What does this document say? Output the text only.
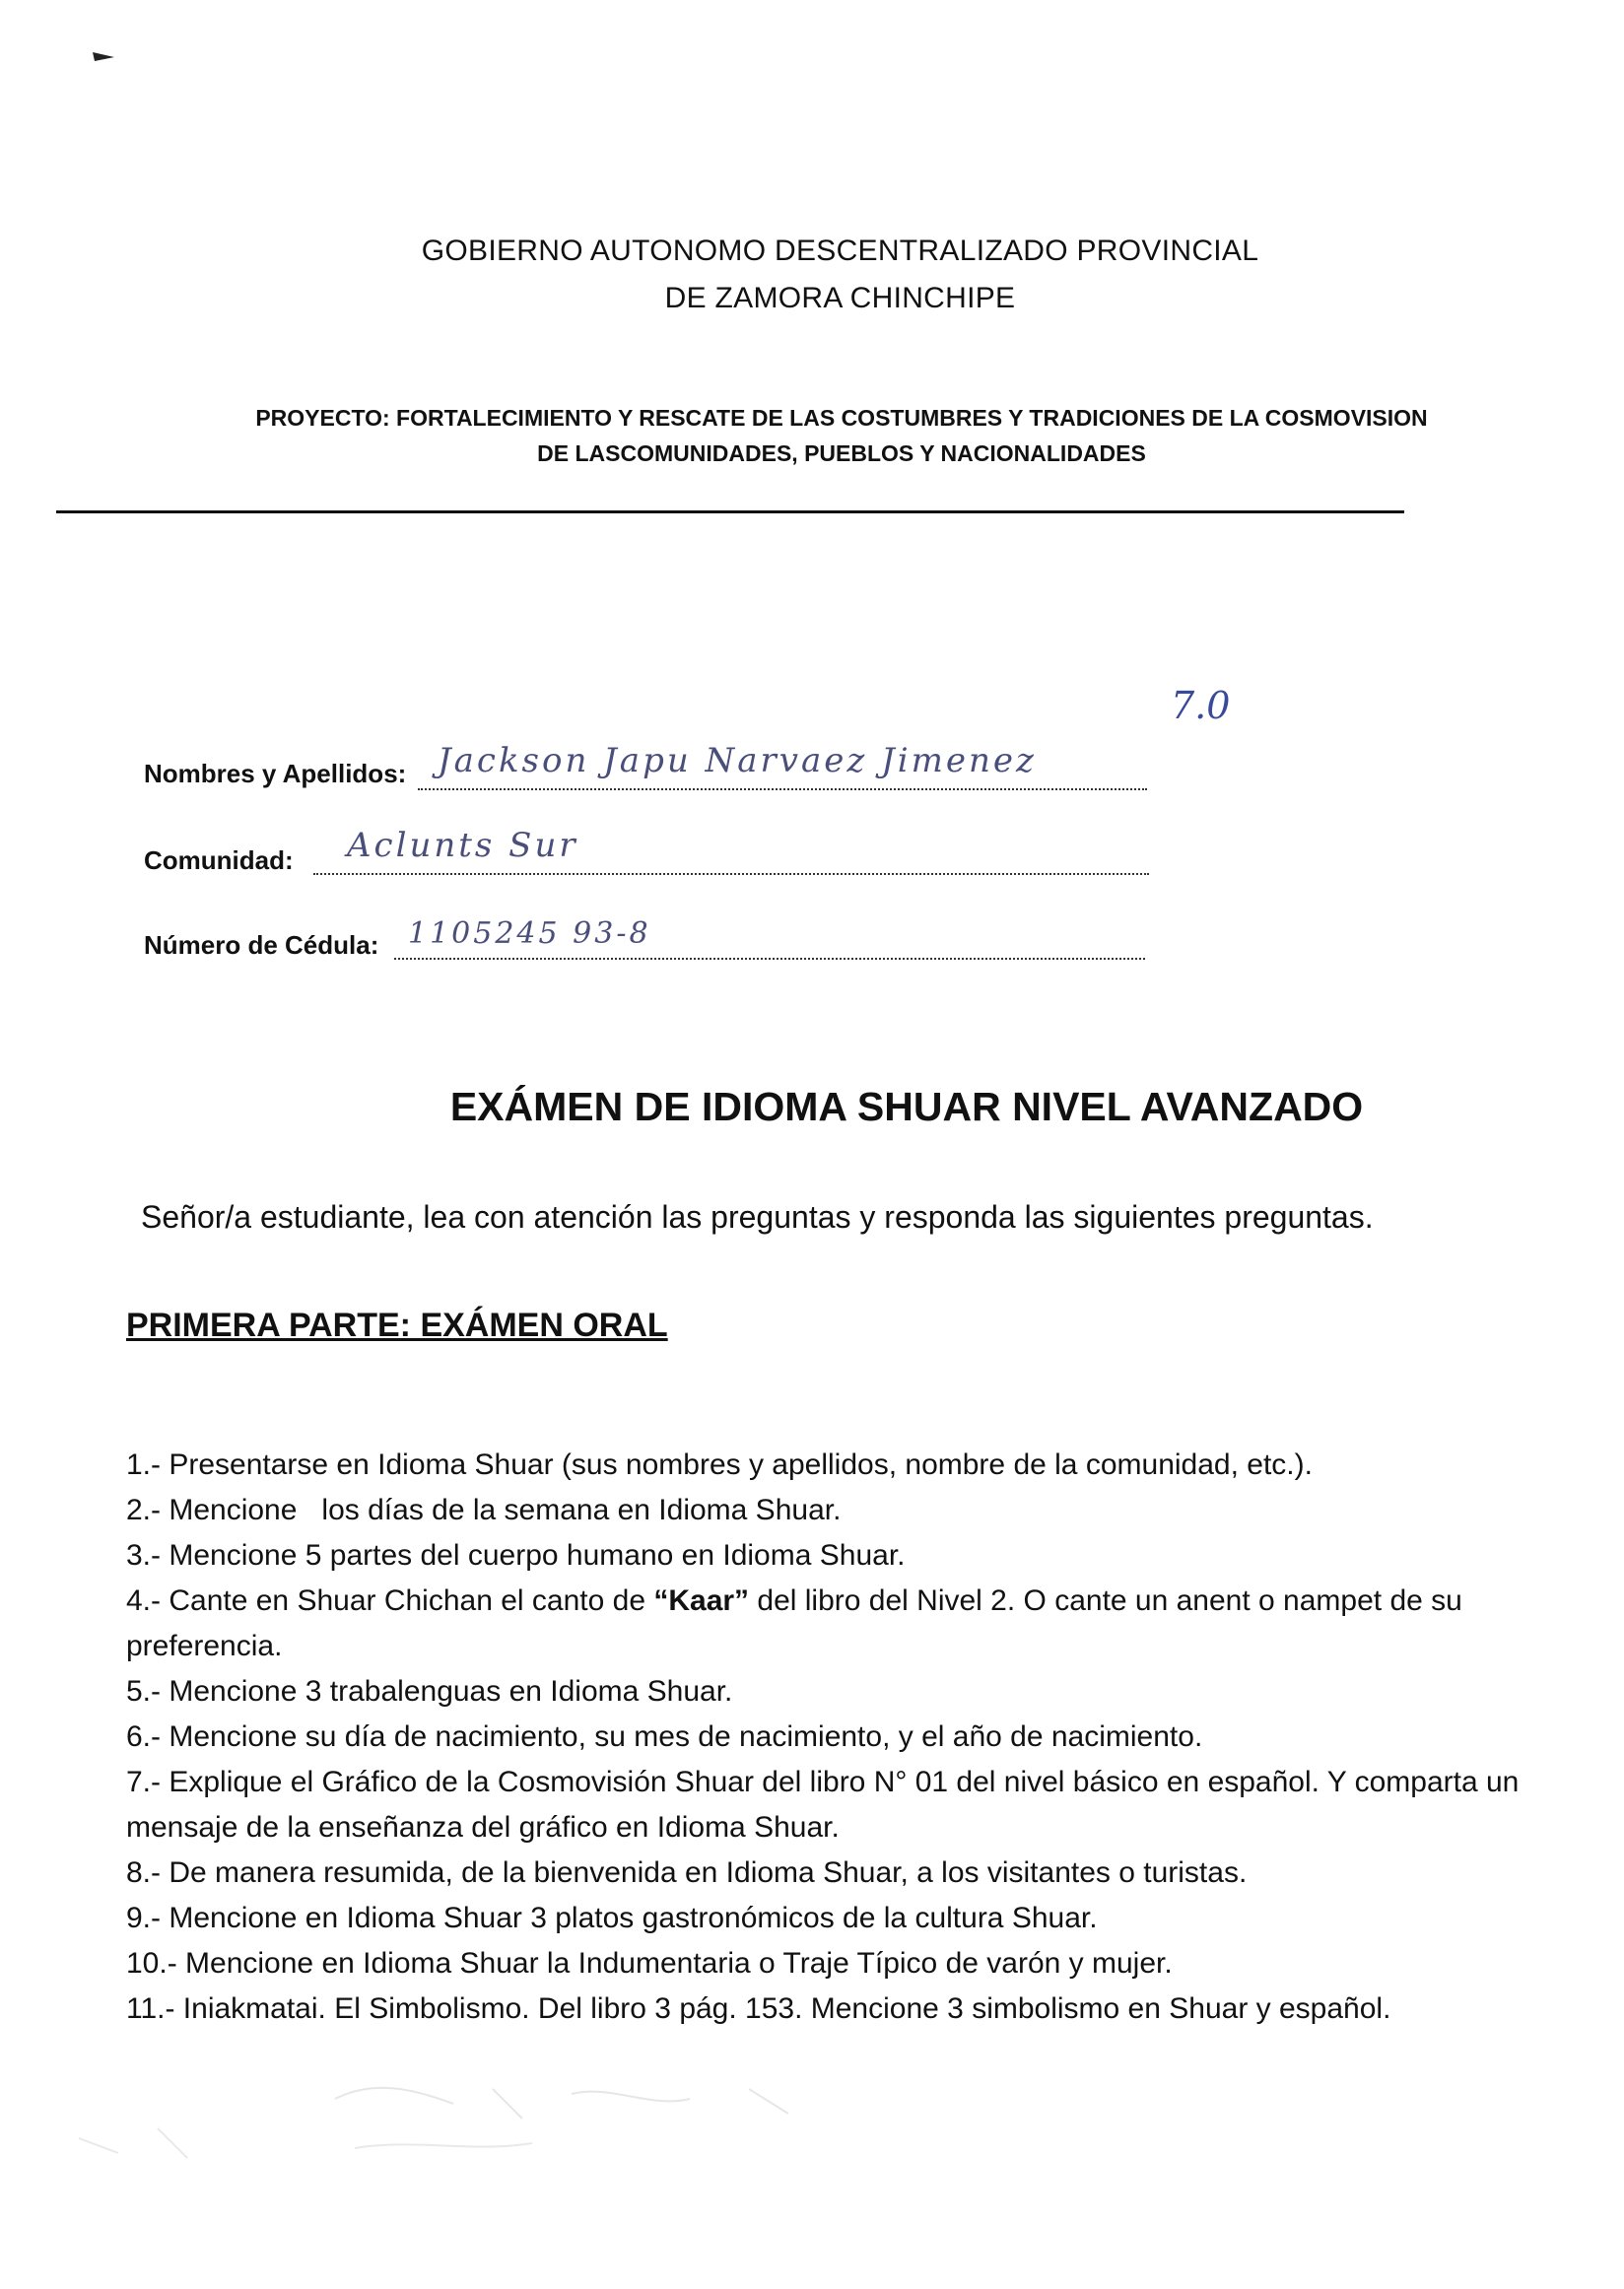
GOBIERNO AUTONOMO DESCENTRALIZADO PROVINCIAL
DE ZAMORA CHINCHIPE
PROYECTO: FORTALECIMIENTO Y RESCATE DE LAS COSTUMBRES Y TRADICIONES DE LA COSMOVISION
DE LASCOMUNIDADES, PUEBLOS Y NACIONALIDADES
7.0
Nombres y Apellidos: Jackson Japu Narvaez Jimenez
Comunidad: Aclunts Sur
Número de Cédula: 1105245 93-8
EXÁMEN DE IDIOMA SHUAR NIVEL AVANZADO
Señor/a estudiante, lea con atención las preguntas y responda las siguientes preguntas.
PRIMERA PARTE: EXÁMEN ORAL

1.- Presentarse en Idioma Shuar (sus nombres y apellidos, nombre de la comunidad, etc.).

2.- Mencione   los días de la semana en Idioma Shuar.

3.- Mencione 5 partes del cuerpo humano en Idioma Shuar.

4.- Cante en Shuar Chichan el canto de “Kaar” del libro del Nivel 2. O cante un anent o nampet de su preferencia.

5.- Mencione 3 trabalenguas en Idioma Shuar.

6.- Mencione su día de nacimiento, su mes de nacimiento, y el año de nacimiento.

7.- Explique el Gráfico de la Cosmovisión Shuar del libro N° 01 del nivel básico en español. Y comparta un mensaje de la enseñanza del gráfico en Idioma Shuar.

8.- De manera resumida, de la bienvenida en Idioma Shuar, a los visitantes o turistas.

9.- Mencione en Idioma Shuar 3 platos gastronómicos de la cultura Shuar.

10.- Mencione en Idioma Shuar la Indumentaria o Traje Típico de varón y mujer.

11.- Iniakmatai. El Simbolismo. Del libro 3 pág. 153. Mencione 3 simbolismo en Shuar y español.
